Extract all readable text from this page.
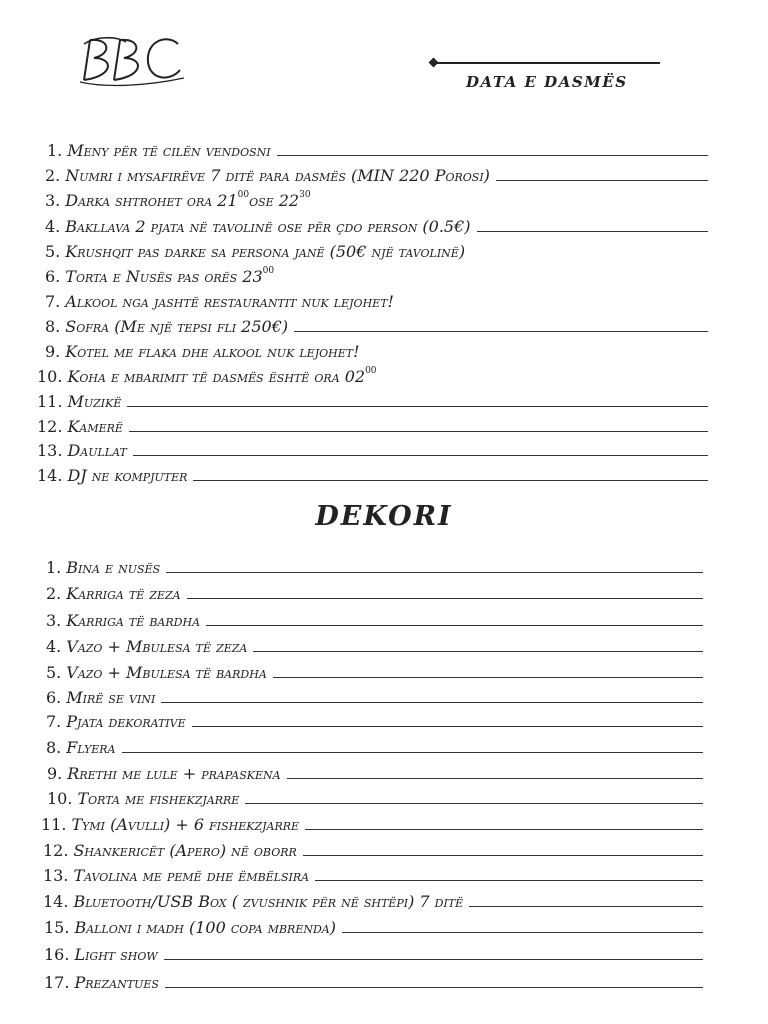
DATA E DASMËS
1. Meny për të cilën vendosni
2. Numri i mysafirëve 7 ditë para dasmës (MIN 220 Porosi)
3. Darka shtrohet ora $21^{00}ose$ $22^{30}$
4. Bakllava 2 pjata në tavolinë ose për çdo person (0.5€)
5. Krushqit pas darke sa persona janë (50€ një tavolinë)
6. Torta e Nusës pas orës $23^{00}$
7. Alkool nga jashtë restaurantit nuk lejohet!
8. Sofra (Me një tepsi fli 250€)
9. Kotel me flaka dhe alkool nuk lejohet!
10. Koha e mbarimit të dasmës është ora $02^{00}$
11. Muzikë
12. Kamerë
13. Daullat
14. DJ ne kompjuter
DEKORI
1. Bina e nusës
2. Karriga të zeza
3. Karriga të bardha
4. Vazo + Mbulesa të zeza
5. Vazo + Mbulesa të bardha
6. Mirë se vini
7. Pjata dekorative
8. Flyera
9. Rrethi me lule + prapaskena
10. Torta me fishekzjarre
11. Tymi (Avulli) + 6 fishekzjarre
12. Shankericët (Apero) në oborr
13. Tavolina me pemë dhe ëmbëlsira
14. Bluetooth/USB Box ( zvushnik për në shtëpi) 7 ditë
15. Balloni i madh (100 copa mbrenda)
16. Light show
17. Prezantues
